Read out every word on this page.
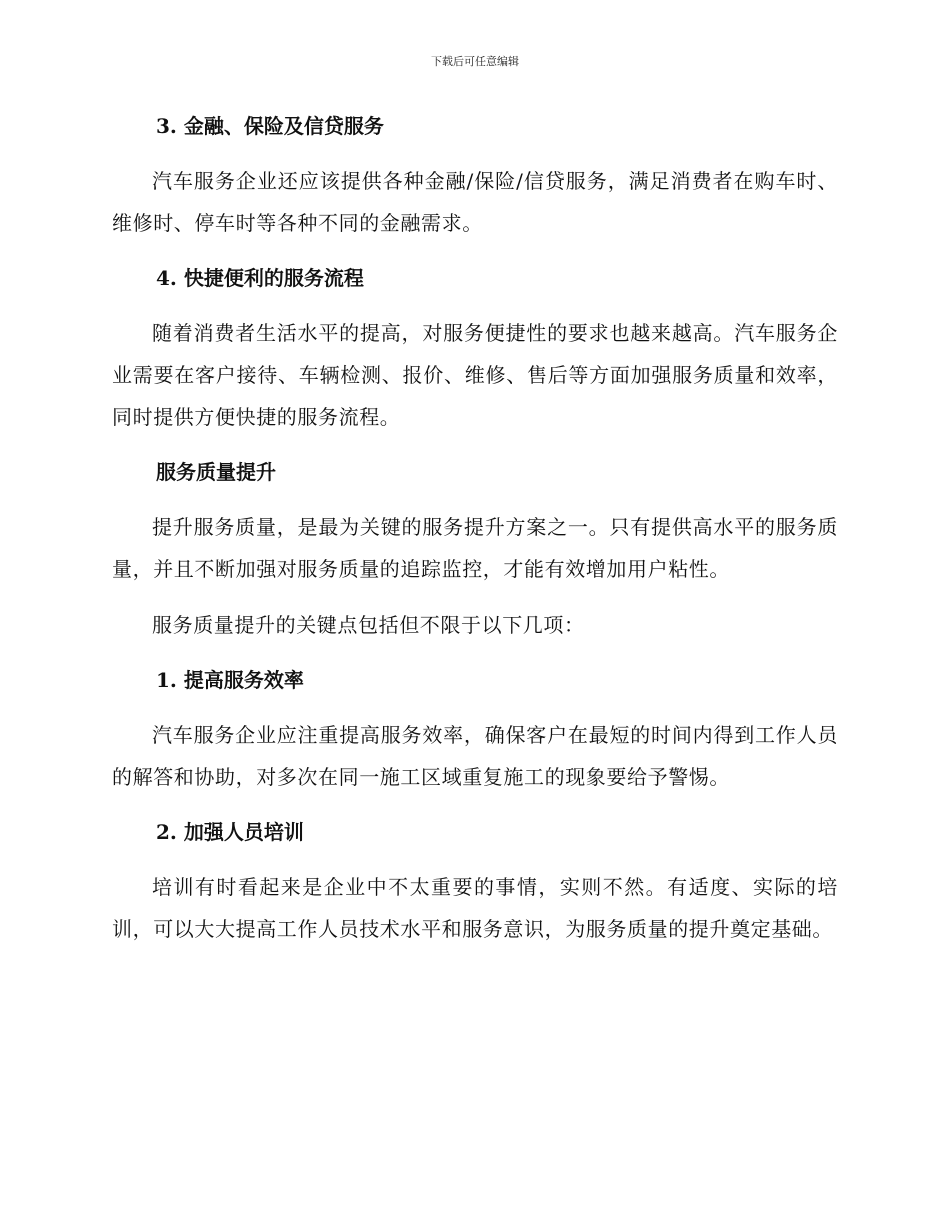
下载后可任意编辑
3. 金融、保险及信贷服务

汽车服务企业还应该提供各种金融/保险/信贷服务，满足消费者在购车时、维修时、停车时等各种不同的金融需求。

4. 快捷便利的服务流程

随着消费者生活水平的提高，对服务便捷性的要求也越来越高。汽车服务企业需要在客户接待、车辆检测、报价、维修、售后等方面加强服务质量和效率，同时提供方便快捷的服务流程。

服务质量提升

提升服务质量，是最为关键的服务提升方案之一。只有提供高水平的服务质量，并且不断加强对服务质量的追踪监控，才能有效增加用户粘性。

服务质量提升的关键点包括但不限于以下几项：

1. 提高服务效率

汽车服务企业应注重提高服务效率，确保客户在最短的时间内得到工作人员的解答和协助，对多次在同一施工区域重复施工的现象要给予警惕。

2. 加强人员培训

培训有时看起来是企业中不太重要的事情，实则不然。有适度、实际的培训，可以大大提高工作人员技术水平和服务意识，为服务质量的提升奠定基础。
